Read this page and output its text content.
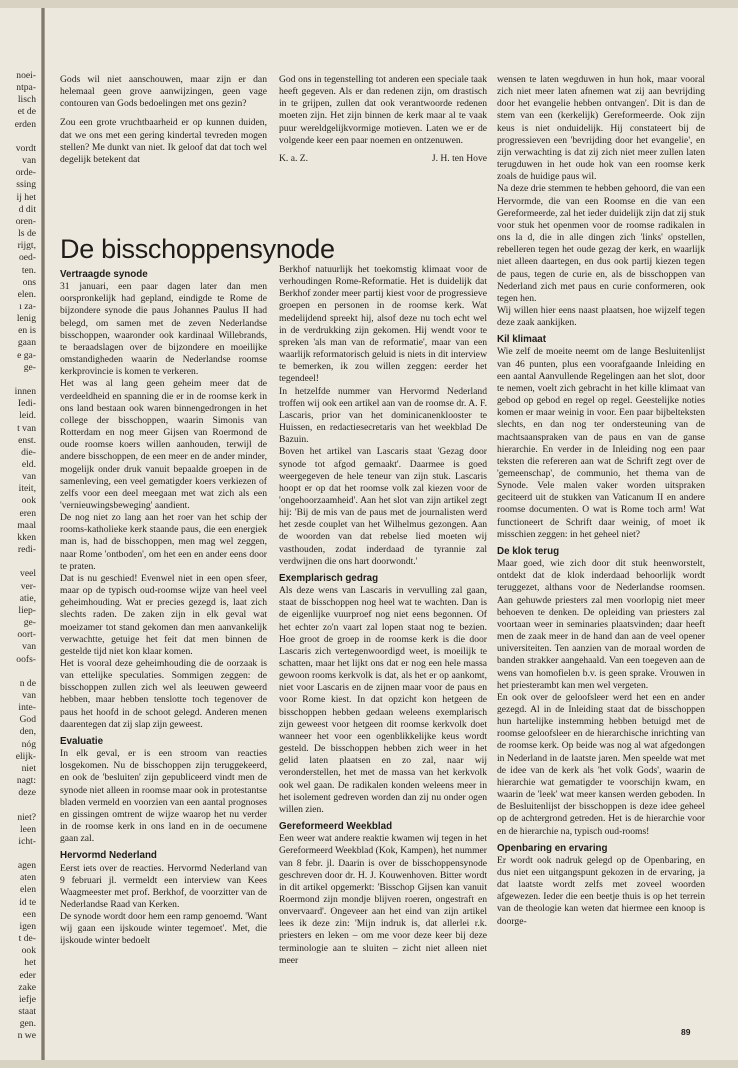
noei-
ntpa-
lisch
et de
erden

vordt
van
orde-
ssing
ij het
d dit
oren-
ls de
rijgt,
oed-
ten.
ons
elen.
ı za-
lenig
en is
gaan
e ga-
ge-

innen
Iedi-
leid.
t van
enst.
die-
eld.
van
iteit,
ook
eren
maal
kken
redi-

veel
ver-
atie,
liep-
ge-
oort-
van
oofs-

n de
van
inte-
God
den,
nóg
elijk-
niet
nagt:
deze

niet?
leen
icht-

agen
aten
elen
id te
een
igen
t de-
ook
het
eder
zake
iefje
staat
gen.
n we

Gods wil niet aanschouwen, maar zijn er dan helemaal geen grove aanwijzingen, geen vage contouren van Gods bedoelingen met ons gezin?

Zou een grote vruchtbaarheid er op kunnen duiden, dat we ons met een gering kindertal tevreden mogen stellen? Me dunkt van niet. Ik geloof dat dat toch wel degelijk betekent dat

God ons in tegenstelling tot anderen een speciale taak heeft gegeven. Als er dan redenen zijn, om drastisch in te grijpen, zullen dat ook verantwoorde redenen moeten zijn. Het zijn binnen de kerk maar al te vaak puur wereldgelijkvormige motieven. Laten we er de volgende keer een paar noemen en ontzenuwen.

K. a. Z.	J. H. ten Hove
De bisschoppensynode
Vertraagde synode

31 januari, een paar dagen later dan men oorspronkelijk had gepland, eindigde te Rome de bijzondere synode die paus Johannes Paulus II had belegd, om samen met de zeven Nederlandse bisschoppen, waaronder ook kardinaal Willebrands, te beraadslagen over de bijzondere en moeilijke omstandigheden waarin de Nederlandse roomse kerkprovincie is komen te verkeren.

Het was al lang geen geheim meer dat de verdeeldheid en spanning die er in de roomse kerk in ons land bestaan ook waren binnengedrongen in het college der bisschoppen, waarin Simonis van Rotterdam en nog meer Gijsen van Roermond de oude roomse koers willen aanhouden, terwijl de andere bisschoppen, de een meer en de ander minder, mogelijk onder druk vanuit bepaalde groepen in de samenleving, een veel gematigder koers verkiezen of zelfs voor een deel meegaan met wat zich als een 'vernieuwingsbeweging' aandient.

De nog niet zo lang aan het roer van het schip der rooms-katholieke kerk staande paus, die een energiek man is, had de bisschoppen, men mag wel zeggen, naar Rome 'ontboden', om het een en ander eens door te praten.

Dat is nu geschied! Evenwel niet in een open sfeer, maar op de typisch oud-roomse wijze van heel veel geheimhouding. Wat er precies gezegd is, laat zich slechts raden. De zaken zijn in elk geval wat moeizamer tot stand gekomen dan men aanvankelijk verwachtte, getuige het feit dat men binnen de gestelde tijd niet kon klaar komen.

Het is vooral deze geheimhouding die de oorzaak is van ettelijke speculaties. Sommigen zeggen: de bisschoppen zullen zich wel als leeuwen geweerd hebben, maar hebben tenslotte toch tegenover de paus het hoofd in de schoot gelegd. Anderen menen daarentegen dat zij slap zijn geweest.

Evaluatie

In elk geval, er is een stroom van reacties losgekomen. Nu de bisschoppen zijn teruggekeerd, en ook de 'besluiten' zijn gepubliceerd vindt men de synode niet alleen in roomse maar ook in protestantse bladen vermeld en voorzien van een aantal prognoses en gissingen omtrent de wijze waarop het nu verder in de roomse kerk in ons land en in de oecumene gaan zal.

Hervormd Nederland

Eerst iets over de reacties. Hervormd Nederland van 9 februari jl. vermeldt een interview van Kees Waagmeester met prof. Berkhof, de voorzitter van de Nederlandse Raad van Kerken.

De synode wordt door hem een ramp genoemd. 'Want wij gaan een ijskoude winter tegemoet'. Met, die ijskoude winter bedoelt

Berkhof natuurlijk het toekomstig klimaat voor de verhoudingen Rome-Reformatie. Het is duidelijk dat Berkhof zonder meer partij kiest voor de progressieve groepen en personen in de roomse kerk. Wat medelijdend spreekt hij, alsof deze nu toch echt wel in de verdrukking zijn gekomen. Hij wendt voor te spreken 'als man van de reformatie', maar van een waarlijk reformatorisch geluid is niets in dit interview te bemerken, ik zou willen zeggen: eerder het tegendeel!

In hetzelfde nummer van Hervormd Nederland troffen wij ook een artikel aan van de roomse dr. A. F. Lascaris, prior van het dominicanenklooster te Huissen, en redactiesecretaris van het weekblad De Bazuin.

Boven het artikel van Lascaris staat 'Gezag door synode tot afgod gemaakt'. Daarmee is goed weergegeven de hele teneur van zijn stuk. Lascaris hoopt er op dat het roomse volk zal kiezen voor de 'ongehoorzaamheid'. Aan het slot van zijn artikel zegt hij: 'Bij de mis van de paus met de journalisten werd het zesde couplet van het Wilhelmus gezongen. Aan de woorden van dat rebelse lied moeten wij vasthouden, zodat inderdaad de tyrannie zal verdwijnen die ons hart doorwondt.'

Exemplarisch gedrag

Als deze wens van Lascaris in vervulling zal gaan, staat de bisschoppen nog heel wat te wachten. Dan is de eigenlijke vuurproef nog niet eens begonnen. Of het echter zo'n vaart zal lopen staat nog te bezien. Hoe groot de groep in de roomse kerk is die door Lascaris zich vertegenwoordigd weet, is moeilijk te schatten, maar het lijkt ons dat er nog een hele massa gewoon rooms kerkvolk is dat, als het er op aankomt, niet voor Lascaris en de zijnen maar voor de paus en voor Rome kiest. In dat opzicht kon hetgeen de bisschoppen hebben gedaan weleens exemplarisch zijn geweest voor hetgeen dit roomse kerkvolk doet wanneer het voor een ogenblikkelijke keus wordt gesteld. De bisschoppen hebben zich weer in het gelid laten plaatsen en zo zal, naar wij veronderstellen, het met de massa van het kerkvolk ook wel gaan. De radikalen konden weleens meer in het isolement gedreven worden dan zij nu onder ogen willen zien.

Gereformeerd Weekblad

Een weer wat andere reaktie kwamen wij tegen in het Gereformeerd Weekblad (Kok, Kampen), het nummer van 8 febr. jl. Daarin is over de bisschoppensynode geschreven door dr. H. J. Kouwenhoven. Bitter wordt in dit artikel opgemerkt: 'Bisschop Gijsen kan vanuit Roermond zijn mondje blijven roeren, ongestraft en onvervaard'. Ongeveer aan het eind van zijn artikel lees ik deze zin: 'Mijn indruk is, dat allerlei r.k. priesters en leken – om me voor deze keer bij deze terminologie aan te sluiten – zicht niet alleen niet meer

wensen te laten wegduwen in hun hok, maar vooral zich niet meer laten afnemen wat zij aan bevrijding door het evangelie hebben ontvangen'. Dit is dan de stem van een (kerkelijk) Gereformeerde. Ook zijn keus is niet onduidelijk. Hij constateert bij de progressieven een 'bevrijding door het evangelie', en zijn verwachting is dat zij zich niet meer zullen laten terugduwen in het oude hok van een roomse kerk zoals de huidige paus wil.

Na deze drie stemmen te hebben gehoord, die van een Hervormde, die van een Roomse en die van een Gereformeerde, zal het ieder duidelijk zijn dat zij stuk voor stuk het openmen voor de roomse radikalen in ons la d, die in alle dingen zich 'links' opstellen, rebelleren tegen het oude gezag der kerk, en waarlijk niet alleen daartegen, en dus ook partij kiezen tegen de paus, tegen de curie en, als de bisschoppen van Nederland zich met paus en curie conformeren, ook tegen hen.

Wij willen hier eens naast plaatsen, hoe wijzelf tegen deze zaak aankijken.

Kil klimaat

Wie zelf de moeite neemt om de lange Besluitenlijst van 46 punten, plus een voorafgaande Inleiding en een aantal Aanvullende Regelingen aan het slot, door te nemen, voelt zich gebracht in het kille klimaat van gebod op gebod en regel op regel. Geestelijke noties komen er maar weinig in voor. Een paar bijbelteksten slechts, en dan nog ter ondersteuning van de machtsaanspraken van de paus en van de ganse hierarchie. En verder in de Inleiding nog een paar teksten die refereren aan wat de Schrift zegt over de 'gemeenschap', de communio, het thema van de Synode. Vele malen vaker worden uitspraken geciteerd uit de stukken van Vaticanum II en andere roomse documenten. O wat is Rome toch arm! Wat functioneert de Schrift daar weinig, of moet ik misschien zeggen: in het geheel niet?

De klok terug

Maar goed, wie zich door dit stuk heenworstelt, ontdekt dat de klok inderdaad behoorlijk wordt teruggezet, althans voor de Nederlandse roomsen. Aan gehuwde priesters zal men voorlopig niet meer behoeven te denken. De opleiding van priesters zal voortaan weer in seminaries plaatsvinden; daar heeft men de zaak meer in de hand dan aan de veel opener universiteiten. Ten aanzien van de moraal worden de banden strakker aangehaald. Van een toegeven aan de wens van homofielen b.v. is geen sprake. Vrouwen in het priesterambt kan men wel vergeten.

En ook over de geloofsleer werd het een en ander gezegd. Al in de Inleiding staat dat de bisschoppen hun hartelijke instemming hebben betuigd met de roomse geloofsleer en de hierarchische inrichting van de roomse kerk. Op beide was nog al wat afgedongen in Nederland in de laatste jaren. Men speelde wat met de idee van de kerk als 'het volk Gods', waarin de hierarchie wat gematigder te voorschijn kwam, en waarin de 'leek' wat meer kansen werden geboden. In de Besluitenlijst der bisschoppen is deze idee geheel op de achtergrond getreden. Het is de hierarchie voor en de hierarchie na, typisch oud-rooms!

Openbaring en ervaring

Er wordt ook nadruk gelegd op de Openbaring, en dus niet een uitgangspunt gekozen in de ervaring, ja dat laatste wordt zelfs met zoveel woorden afgewezen. Ieder die een beetje thuis is op het terrein van de theologie kan weten dat hiermee een knoop is doorge-

89
